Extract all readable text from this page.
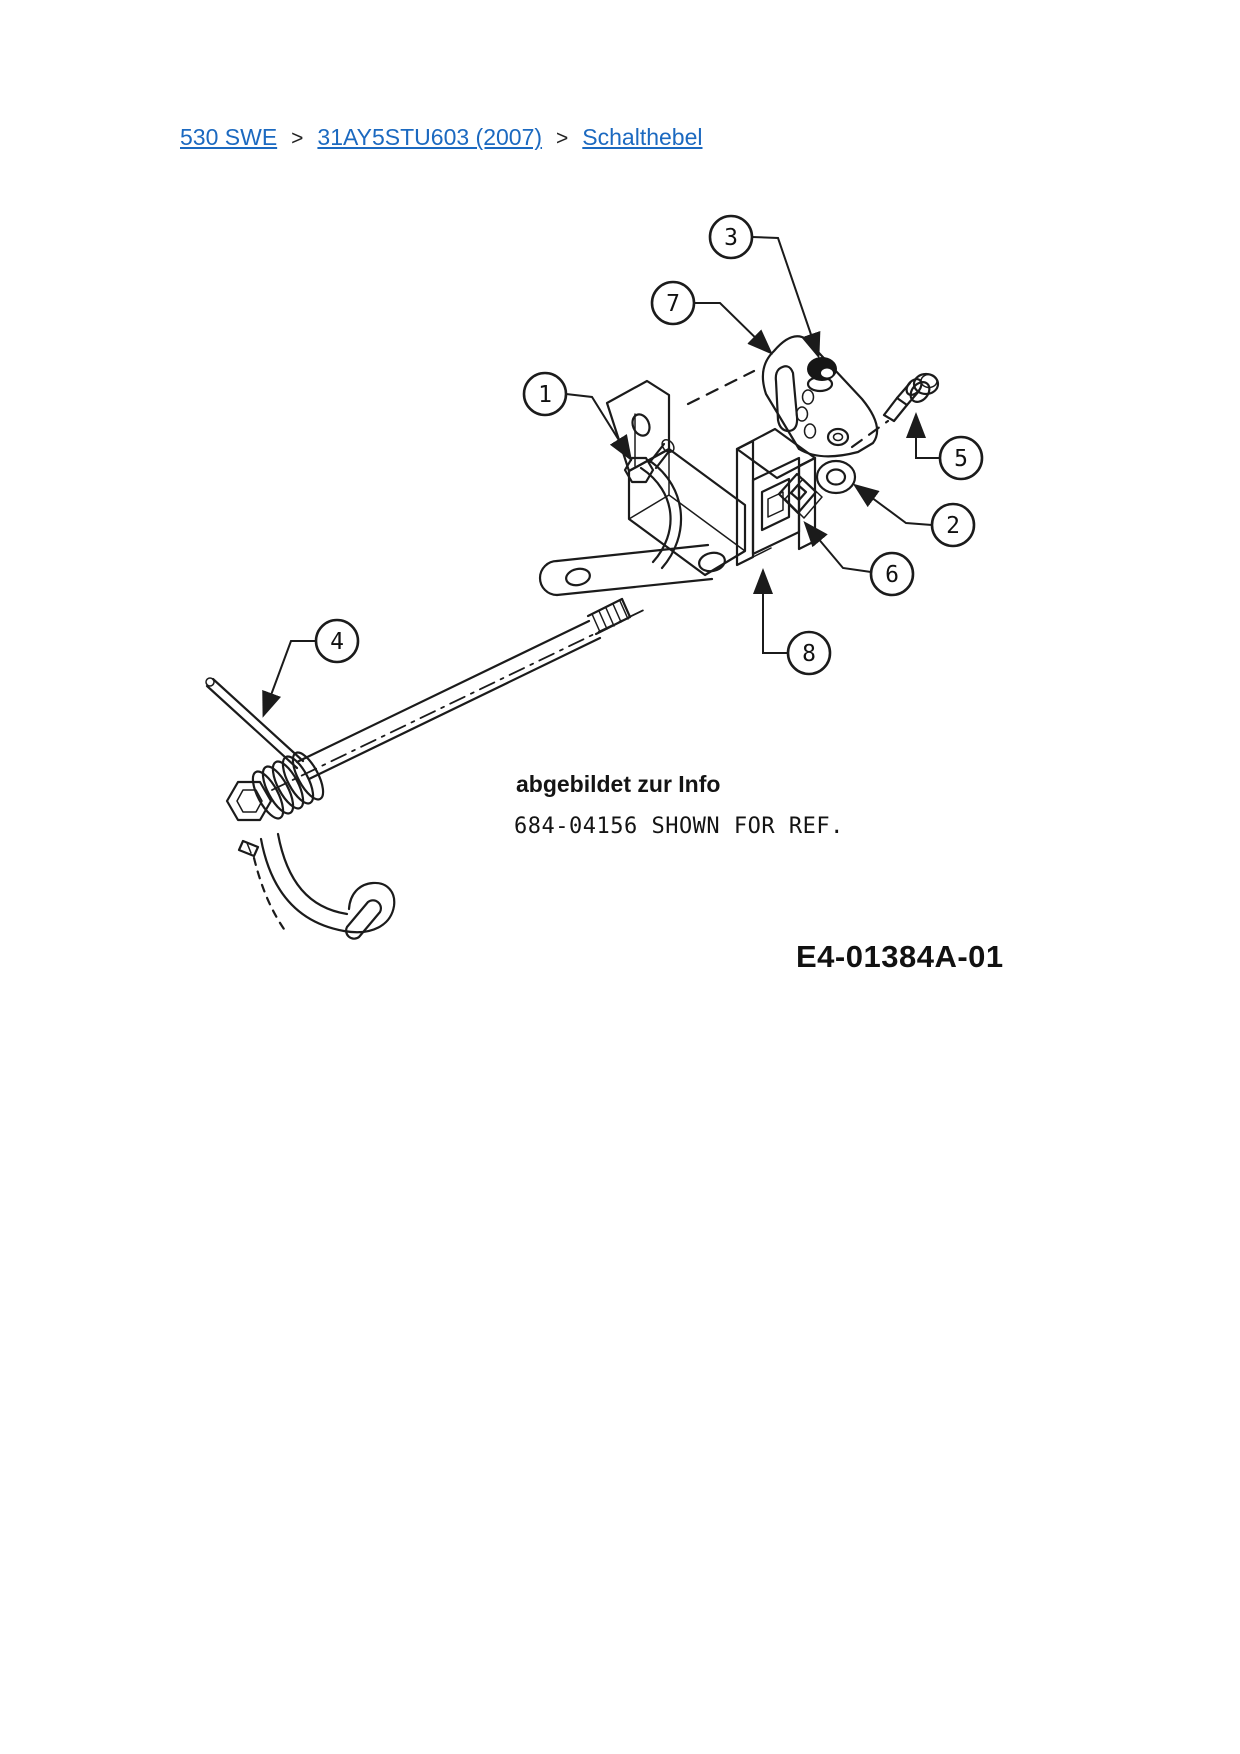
530 SWE > 31AY5STU603 (2007) > Schalthebel
1
2
3
4
5
6
7
8
abgebildet zur Info
684-04156 SHOWN FOR REF.
E4-01384A-01
